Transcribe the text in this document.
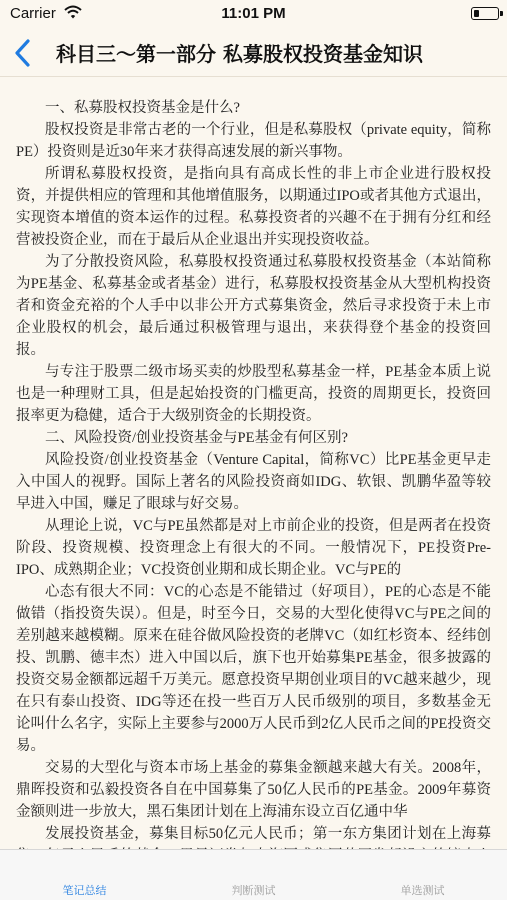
Carrier	11:01 PM
科目三～第一部分 私募股权投资基金知识

一、私募股权投资基金是什么?

股权投资是非常古老的一个行业，但是私募股权（private equity，简称PE）投资则是近30年来才获得高速发展的新兴事物。

所谓私募股权投资，是指向具有高成长性的非上市企业进行股权投资，并提供相应的管理和其他增值服务，以期通过IPO或者其他方式退出，实现资本增值的资本运作的过程。私募投资者的兴趣不在于拥有分红和经营被投资企业，而在于最后从企业退出并实现投资收益。

为了分散投资风险，私募股权投资通过私募股权投资基金（本站简称为PE基金、私募基金或者基金）进行，私募股权投资基金从大型机构投资者和资金充裕的个人手中以非公开方式募集资金，然后寻求投资于未上市企业股权的机会，最后通过积极管理与退出，来获得登个基金的投资回报。

与专注于股票二级市场买卖的炒股型私募基金一样，PE基金本质上说也是一种理财工具，但是起始投资的门槛更高，投资的周期更长，投资回报率更为稳健，适合于大级别资金的长期投资。

二、风险投资/创业投资基金与PE基金有何区别?

风险投资/创业投资基金（Venture Capital，简称VC）比PE基金更早走入中国人的视野。国际上著名的风险投资商如IDG、软银、凯鹏华盈等较早进入中国，赚足了眼球与好交易。

从理论上说，VC与PE虽然都是对上市前企业的投资，但是两者在投资阶段、投资规模、投资理念上有很大的不同。一般情况下，PE投资Pre-IPO、成熟期企业；VC投资创业期和成长期企业。VC与PE的

心态有很大不同：VC的心态是不能错过（好项目），PE的心态是不能做错（指投资失误）。但是，时至今日，交易的大型化使得VC与PE之间的差别越来越模糊。原来在硅谷做风险投资的老牌VC（如红杉资本、经纬创投、凯鹏、德丰杰）进入中国以后，旗下也开始募集PE基金，很多披露的投资交易金额都远超千万美元。愿意投资早期创业项目的VC越来越少，现在只有泰山投资、IDG等还在投一些百万人民币级别的项目，多数基金无论叫什么名字，实际上主要参与2000万人民币到2亿人民币之间的PE投资交易。

交易的大型化与资本市场上基金的募集金额越来越大有关。2008年，鼎晖投资和弘毅投资各自在中国募集了50亿人民币的PE基金。2009年募资金额则进一步放大，黑石集团计划在上海浦东设立百亿通中华

发展投资基金，募集目标50亿元人民币；第一东方集团计划在上海募

笔记总结	判断测试	单选测试
